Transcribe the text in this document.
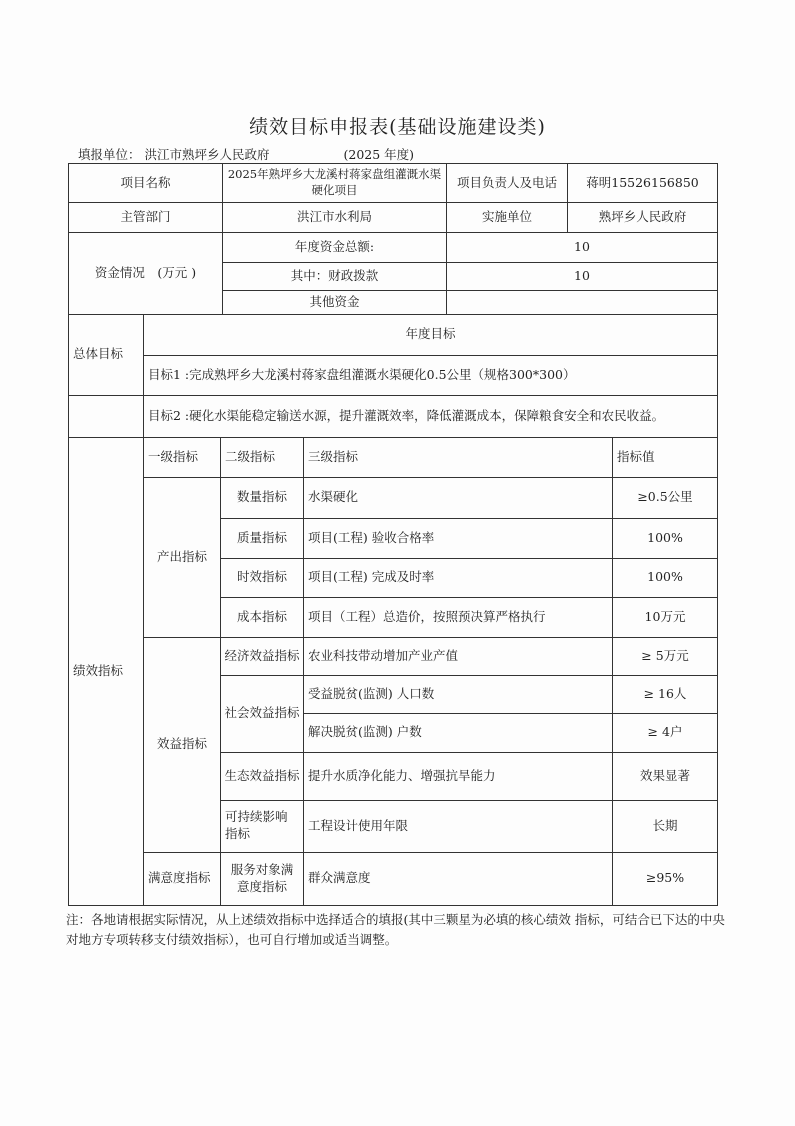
绩效目标申报表(基础设施建设类)
填报单位： 洪江市熟坪乡人民政府	(2025 年度)
项目名称	2025年熟坪乡大龙溪村蒋家盘组灌溉水渠硬化项目	项目负责人及电话	蒋明15526156850
主管部门	洪江市水利局	实施单位	熟坪乡人民政府
资金情况　(万元 )	年度资金总额:	10	
	其中：财政拨款	10	
	其他资金		
总体目标	年度目标			
	目标1 :完成熟坪乡大龙溪村蒋家盘组灌溉水渠硬化0.5公里（规格300*300）			
	目标2 :硬化水渠能稳定输送水源，提升灌溉效率，降低灌溉成本，保障粮食安全和农民收益。			
绩效指标	一级指标	二级指标	三级指标	指标值
	产出指标	数量指标	水渠硬化	≥0.5公里
		质量指标	项目(工程) 验收合格率	100%
		时效指标	项目(工程) 完成及时率	100%
		成本指标	项目（工程）总造价，按照预决算严格执行	10万元
	效益指标	经济效益指标	农业科技带动增加产业产值	≥ 5万元
		社会效益指标	受益脱贫(监测) 人口数	≥ 16人
			解决脱贫(监测) 户数	≥ 4户
		生态效益指标	提升水质净化能力、增强抗旱能力	效果显著
		可持续影响指标	工程设计使用年限	长期
	满意度指标	服务对象满意度指标	群众满意度	≥95%
注：各地请根据实际情况，从上述绩效指标中选择适合的填报(其中三颗星为必填的核心绩效 指标，可结合已下达的中央对地方专项转移支付绩效指标），也可自行增加或适当调整。
